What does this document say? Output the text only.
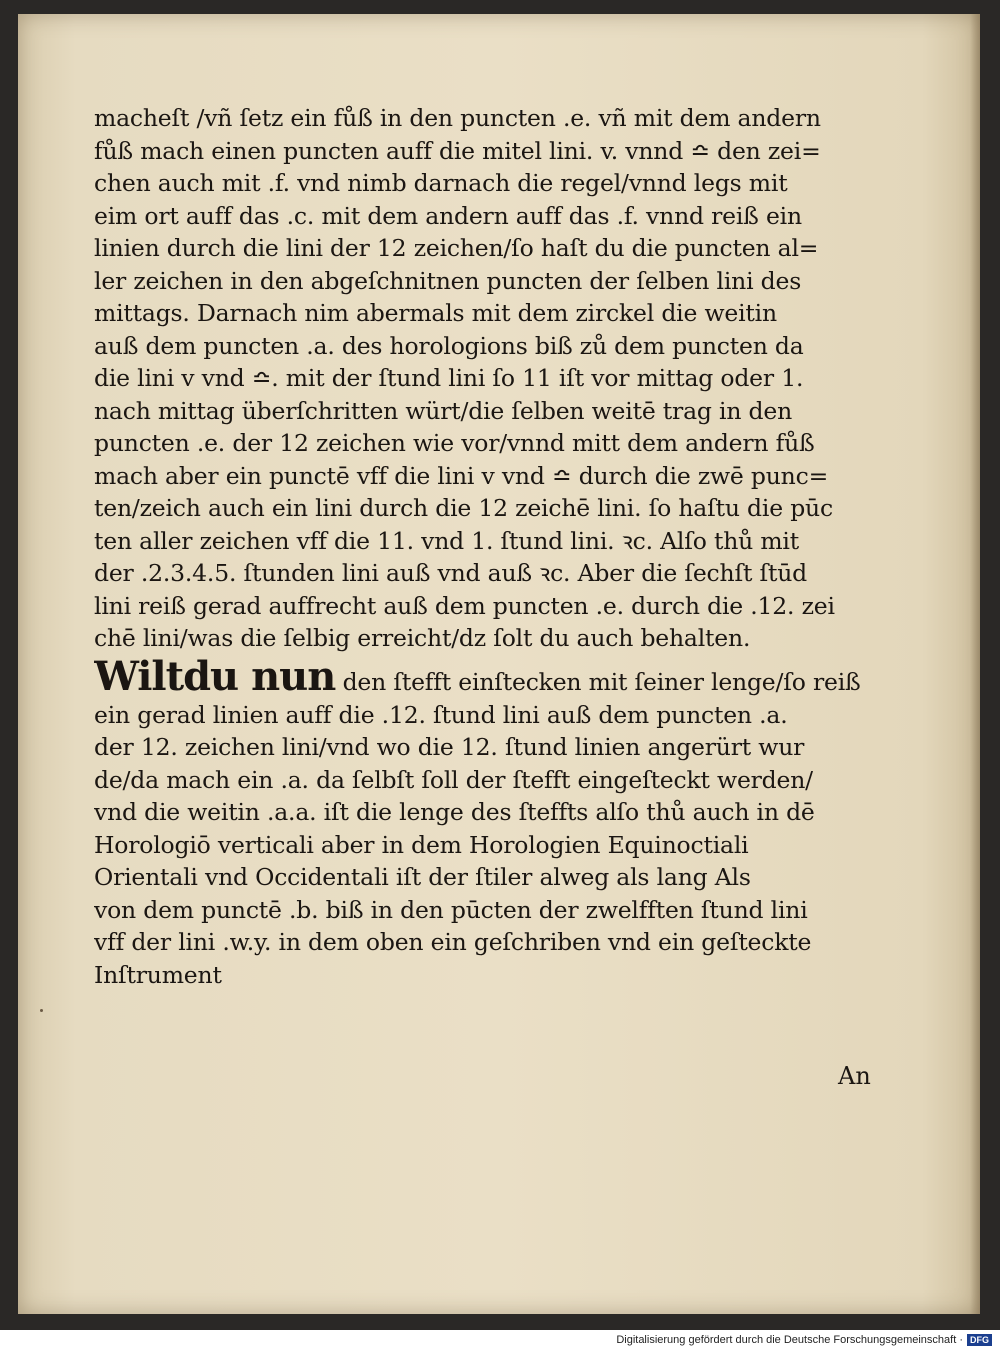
macheſt /vñ ſetz ein fůß in den puncten .e. vñ mit dem andern
fůß mach einen puncten auff die mitel lini. v. vnnd ≏ den zei=
chen auch mit .f. vnd nimb darnach die regel/vnnd legs mit
eim ort auff das .c. mit dem andern auff das .f. vnnd reiß ein
linien durch die lini der 12 zeichen/ſo haſt du die puncten al=
ler zeichen in den abgeſchnitnen puncten der ſelben lini des
mittags. Darnach nim abermals mit dem zirckel die weitin
auß dem puncten .a. des horologions biß zů dem puncten da
die lini v vnd ≏. mit der ſtund lini ſo 11 iſt vor mittag oder 1.
nach mittag überſchritten würt/die ſelben weitē trag in den
puncten .e. der 12 zeichen wie vor/vnnd mitt dem andern fůß
mach aber ein punctē vff die lini v vnd ≏ durch die zwē punc=
ten/zeich auch ein lini durch die 12 zeichē lini. ſo haſtu die pūc
ten aller zeichen vff die 11. vnd 1. ſtund lini. ꝛc. Alſo thů mit
der .2.3.4.5. ſtunden lini auß vnd auß ꝛc. Aber die ſechſt ſtūd
lini reiß gerad auffrecht auß dem puncten .e. durch die .12. zei
chē lini/was die ſelbig erreicht/dz ſolt du auch behalten.
Wiltdu nun den ſtefft einſtecken mit ſeiner lenge/ſo reiß
ein gerad linien auff die .12. ſtund lini auß dem puncten .a.
der 12. zeichen lini/vnd wo die 12. ſtund linien angerürt wur
de/da mach ein .a. da ſelbſt ſoll der ſtefft eingeſteckt werden/
vnd die weitin .a.a. iſt die lenge des ſteffts alſo thů auch in dē
Horologiō verticali aber in dem Horologien Equinoctiali
Orientali vnd Occidentali iſt der ſtiler alweg als lang Als
von dem punctē .b. biß in den pūcten der zwelfften ſtund lini
vff der lini .w.y. in dem oben ein geſchriben vnd ein geſteckte
Inſtrument
An
Digitalisierung gefördert durch die Deutsche Forschungsgemeinschaft · DFG
